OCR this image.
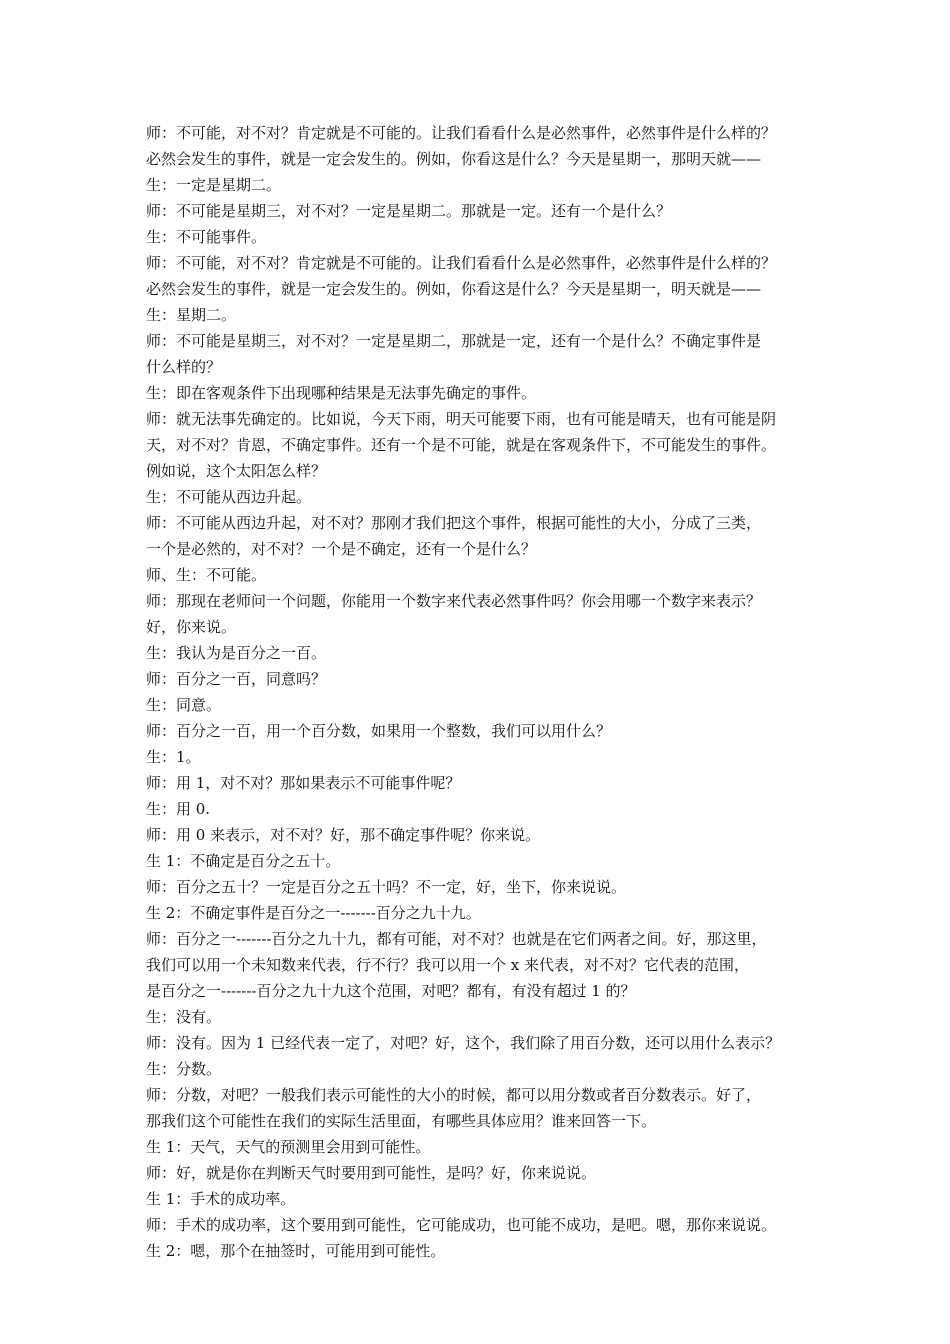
师：不可能，对不对？肯定就是不可能的。让我们看看什么是必然事件，必然事件是什么样的？
必然会发生的事件，就是一定会发生的。例如，你看这是什么？今天是星期一，那明天就——
生：一定是星期二。
师：不可能是星期三，对不对？一定是星期二。那就是一定。还有一个是什么？
生：不可能事件。
师：不可能，对不对？肯定就是不可能的。让我们看看什么是必然事件，必然事件是什么样的？
必然会发生的事件，就是一定会发生的。例如，你看这是什么？今天是星期一，明天就是——
生：星期二。
师：不可能是星期三，对不对？一定是星期二，那就是一定，还有一个是什么？不确定事件是
什么样的？
生：即在客观条件下出现哪种结果是无法事先确定的事件。
师：就无法事先确定的。比如说，今天下雨，明天可能要下雨，也有可能是晴天，也有可能是阴
天，对不对？肯恩，不确定事件。还有一个是不可能，就是在客观条件下，不可能发生的事件。
例如说，这个太阳怎么样？
生：不可能从西边升起。
师：不可能从西边升起，对不对？那刚才我们把这个事件，根据可能性的大小，分成了三类，
一个是必然的，对不对？一个是不确定，还有一个是什么？
师、生：不可能。
师：那现在老师问一个问题，你能用一个数字来代表必然事件吗？你会用哪一个数字来表示？
好，你来说。
生：我认为是百分之一百。
师：百分之一百，同意吗？
生：同意。
师：百分之一百，用一个百分数，如果用一个整数，我们可以用什么？
生：1。
师：用 1，对不对？那如果表示不可能事件呢？
生：用 0.
师：用 0 来表示，对不对？好，那不确定事件呢？你来说。
生 1：不确定是百分之五十。
师：百分之五十？一定是百分之五十吗？不一定，好，坐下，你来说说。
生 2：不确定事件是百分之一-------百分之九十九。
师：百分之一-------百分之九十九，都有可能，对不对？也就是在它们两者之间。好，那这里，
我们可以用一个未知数来代表，行不行？我可以用一个 x 来代表，对不对？它代表的范围，
是百分之一-------百分之九十九这个范围，对吧？都有，有没有超过 1 的？
生：没有。
师：没有。因为 1 已经代表一定了，对吧？好，这个，我们除了用百分数，还可以用什么表示？
生：分数。
师：分数，对吧？一般我们表示可能性的大小的时候，都可以用分数或者百分数表示。好了，
那我们这个可能性在我们的实际生活里面，有哪些具体应用？谁来回答一下。
生 1：天气，天气的预测里会用到可能性。
师：好，就是你在判断天气时要用到可能性，是吗？好，你来说说。
生 1：手术的成功率。
师：手术的成功率，这个要用到可能性，它可能成功，也可能不成功，是吧。嗯，那你来说说。
生 2：嗯，那个在抽签时，可能用到可能性。
